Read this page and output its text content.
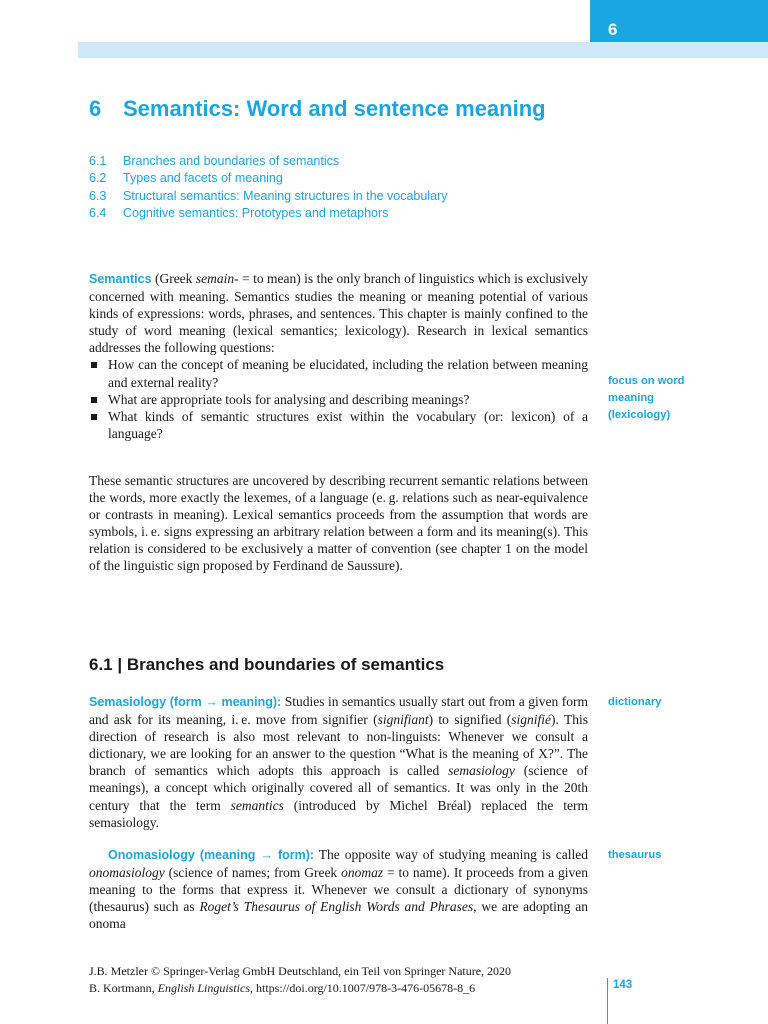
6
6 Semantics: Word and sentence meaning
6.1 Branches and boundaries of semantics
6.2 Types and facets of meaning
6.3 Structural semantics: Meaning structures in the vocabulary
6.4 Cognitive semantics: Prototypes and metaphors
Semantics (Greek semain- = to mean) is the only branch of linguistics which is exclusively concerned with meaning. Semantics studies the meaning or meaning potential of various kinds of expressions: words, phrases, and sentences. This chapter is mainly confined to the study of word meaning (lexical semantics; lexicology). Research in lexical semantics addresses the following questions:
How can the concept of meaning be elucidated, including the relation between meaning and external reality?
What are appropriate tools for analysing and describing meanings?
What kinds of semantic structures exist within the vocabulary (or: lexicon) of a language?
focus on word
meaning
(lexicology)

These semantic structures are uncovered by describing recurrent semantic relations between the words, more exactly the lexemes, of a language (e. g. relations such as near-equivalence or contrasts in meaning). Lexical semantics proceeds from the assumption that words are symbols, i. e. signs expressing an arbitrary relation between a form and its meaning(s). This relation is considered to be exclusively a matter of convention (see chapter 1 on the model of the linguistic sign proposed by Ferdinand de Saussure).

6.1 | Branches and boundaries of semantics
Semasiology (form → meaning): Studies in semantics usually start out from a given form and ask for its meaning, i. e. move from signifier (signifiant) to signified (signifié). This direction of research is also most relevant to non-linguists: Whenever we consult a dictionary, we are looking for an answer to the question “What is the meaning of X?”. The branch of semantics which adopts this approach is called semasiology (science of meanings), a concept which originally covered all of semantics. It was only in the 20th century that the term semantics (introduced by Michel Bréal) replaced the term semasiology.
Onomasiology (meaning → form): The opposite way of studying meaning is called onomasiology (science of names; from Greek onomaz = to name). It proceeds from a given meaning to the forms that express it. Whenever we consult a dictionary of synonyms (thesaurus) such as Roget’s Thesaurus of English Words and Phrases, we are adopting an onoma
dictionary
thesaurus
J.B. Metzler © Springer-Verlag GmbH Deutschland, ein Teil von Springer Nature, 2020
B. Kortmann, English Linguistics, https://doi.org/10.1007/978-3-476-05678-8_6	143
